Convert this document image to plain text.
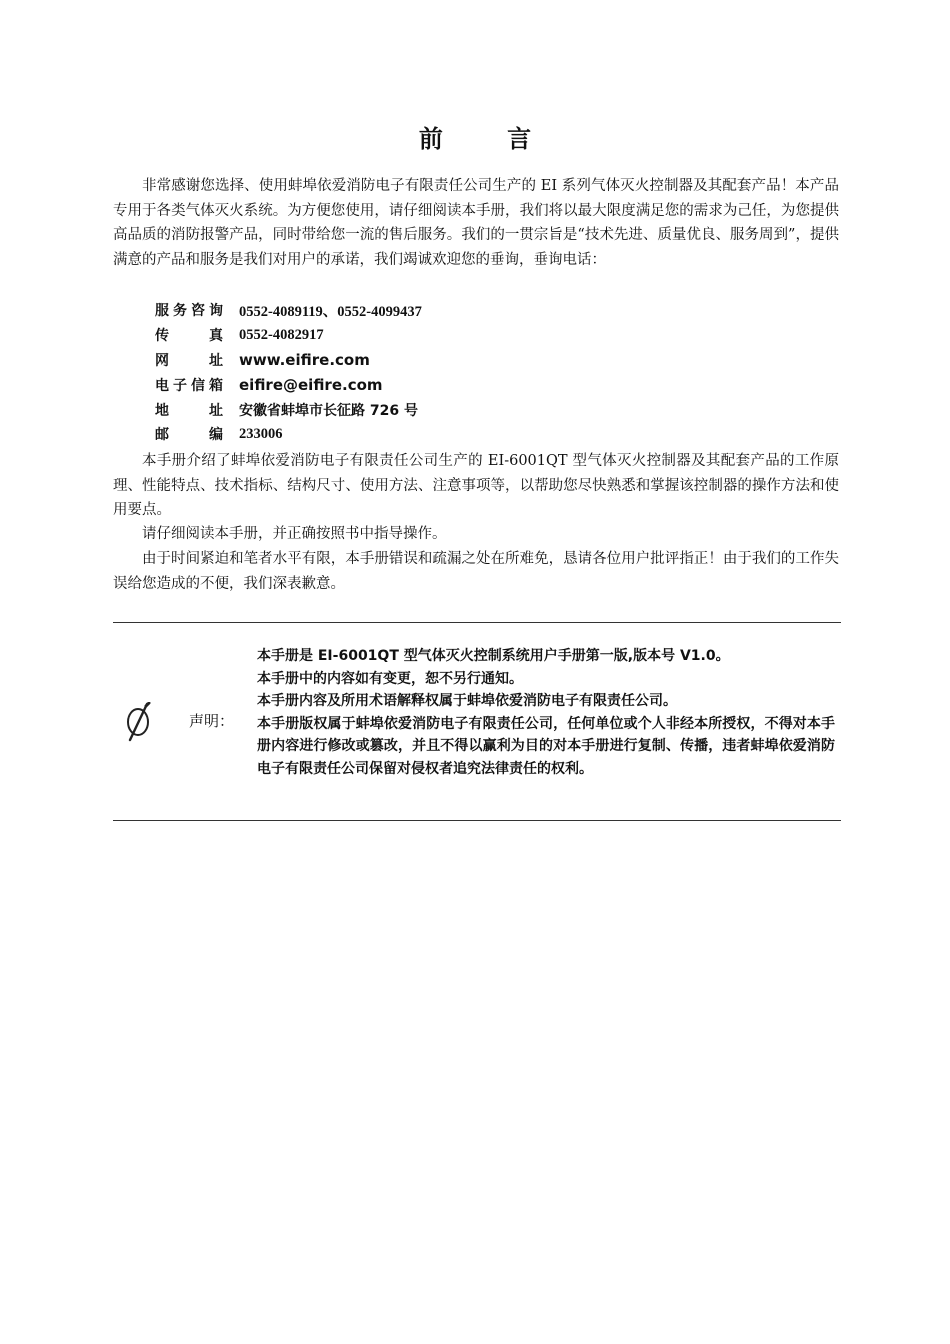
前 言

非常感谢您选择、使用蚌埠依爱消防电子有限责任公司生产的 EI 系列气体灭火控制器及其配套产品！本产品专用于各类气体灭火系统。为方便您使用，请仔细阅读本手册，我们将以最大限度满足您的需求为己任，为您提供高品质的消防报警产品，同时带给您一流的售后服务。我们的一贯宗旨是“技术先进、质量优良、服务周到”，提供满意的产品和服务是我们对用户的承诺，我们竭诚欢迎您的垂询，垂询电话：

服务咨询 0552-4089119、0552-4099437
传真 0552-4082917
网址 www.eifire.com
电子信箱 eifire@eifire.com
地址 安徽省蚌埠市长征路 726 号
邮编 233006

本手册介绍了蚌埠依爱消防电子有限责任公司生产的 EI-6001QT 型气体灭火控制器及其配套产品的工作原理、性能特点、技术指标、结构尺寸、使用方法、注意事项等，以帮助您尽快熟悉和掌握该控制器的操作方法和使用要点。

请仔细阅读本手册，并正确按照书中指导操作。

由于时间紧迫和笔者水平有限，本手册错误和疏漏之处在所难免，恳请各位用户批评指正！由于我们的工作失误给您造成的不便，我们深表歉意。

声明：

本手册是 EI-6001QT 型气体灭火控制系统用户手册第一版,版本号 V1.0。

本手册中的内容如有变更，恕不另行通知。

本手册内容及所用术语解释权属于蚌埠依爱消防电子有限责任公司。

本手册版权属于蚌埠依爱消防电子有限责任公司，任何单位或个人非经本所授权，不得对本手册内容进行修改或篡改，并且不得以赢利为目的对本手册进行复制、传播，违者蚌埠依爱消防电子有限责任公司保留对侵权者追究法律责任的权利。
